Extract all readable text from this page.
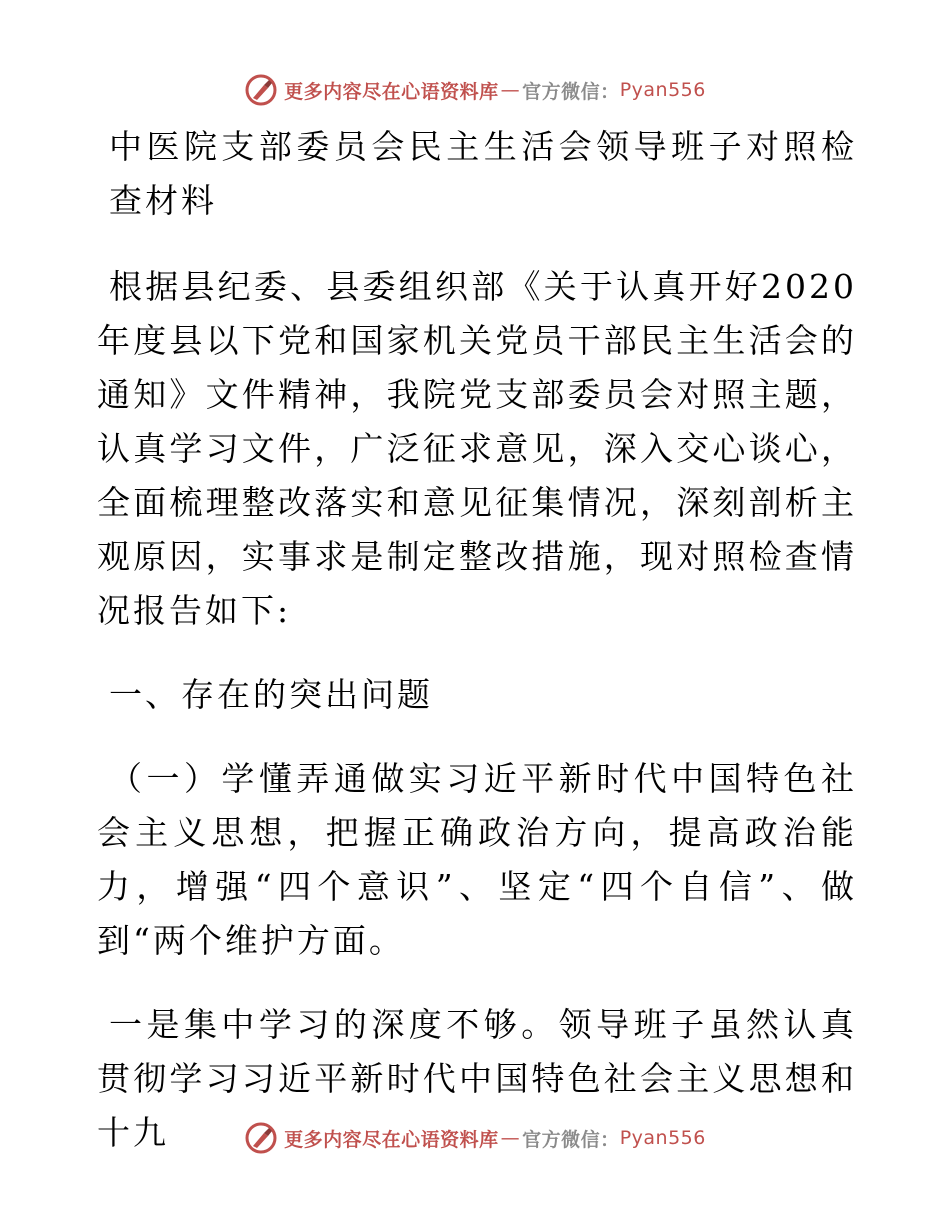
更多内容尽在心语资料库 — 官方微信： Pyan556

中医院支部委员会民主生活会领导班子对照检查材料

根据县纪委、县委组织部《关于认真开好2020年度县以下党和国家机关党员干部民主生活会的通知》文件精神，我院党支部委员会对照主题，认真学习文件，广泛征求意见，深入交心谈心，全面梳理整改落实和意见征集情况，深刻剖析主观原因，实事求是制定整改措施，现对照检查情况报告如下:

一、存在的突出问题

（一）学懂弄通做实习近平新时代中国特色社会主义思想，把握正确政治方向，提高政治能力，增强“四个意识”、坚定“四个自信”、做到“两个维护方面。

一是集中学习的深度不够。领导班子虽然认真贯彻学习习近平新时代中国特色社会主义思想和十九	更多内容尽在心语资料库 — 官方微信： Pyan556
